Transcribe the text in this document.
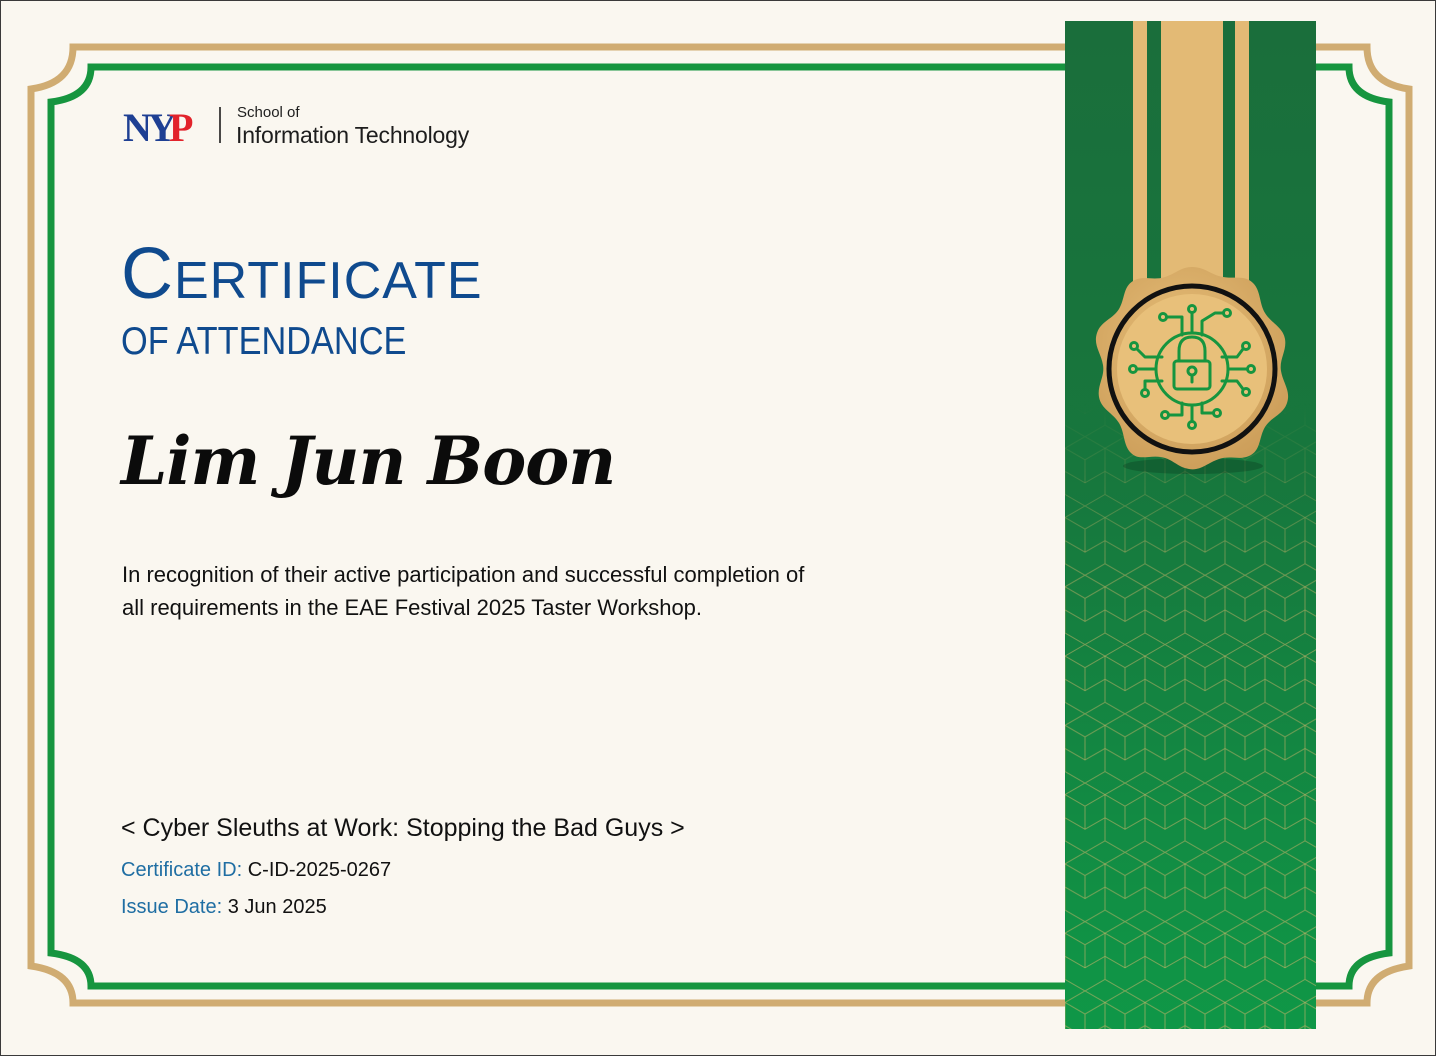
NY
P	School of
Information Technology
CERTIFICATE
OF ATTENDANCE
Lim Jun Boon
In recognition of their active participation and successful completion of all requirements in the EAE Festival 2025 Taster Workshop.
< Cyber Sleuths at Work: Stopping the Bad Guys >
Certificate ID: C-ID-2025-0267
Issue Date: 3 Jun 2025
